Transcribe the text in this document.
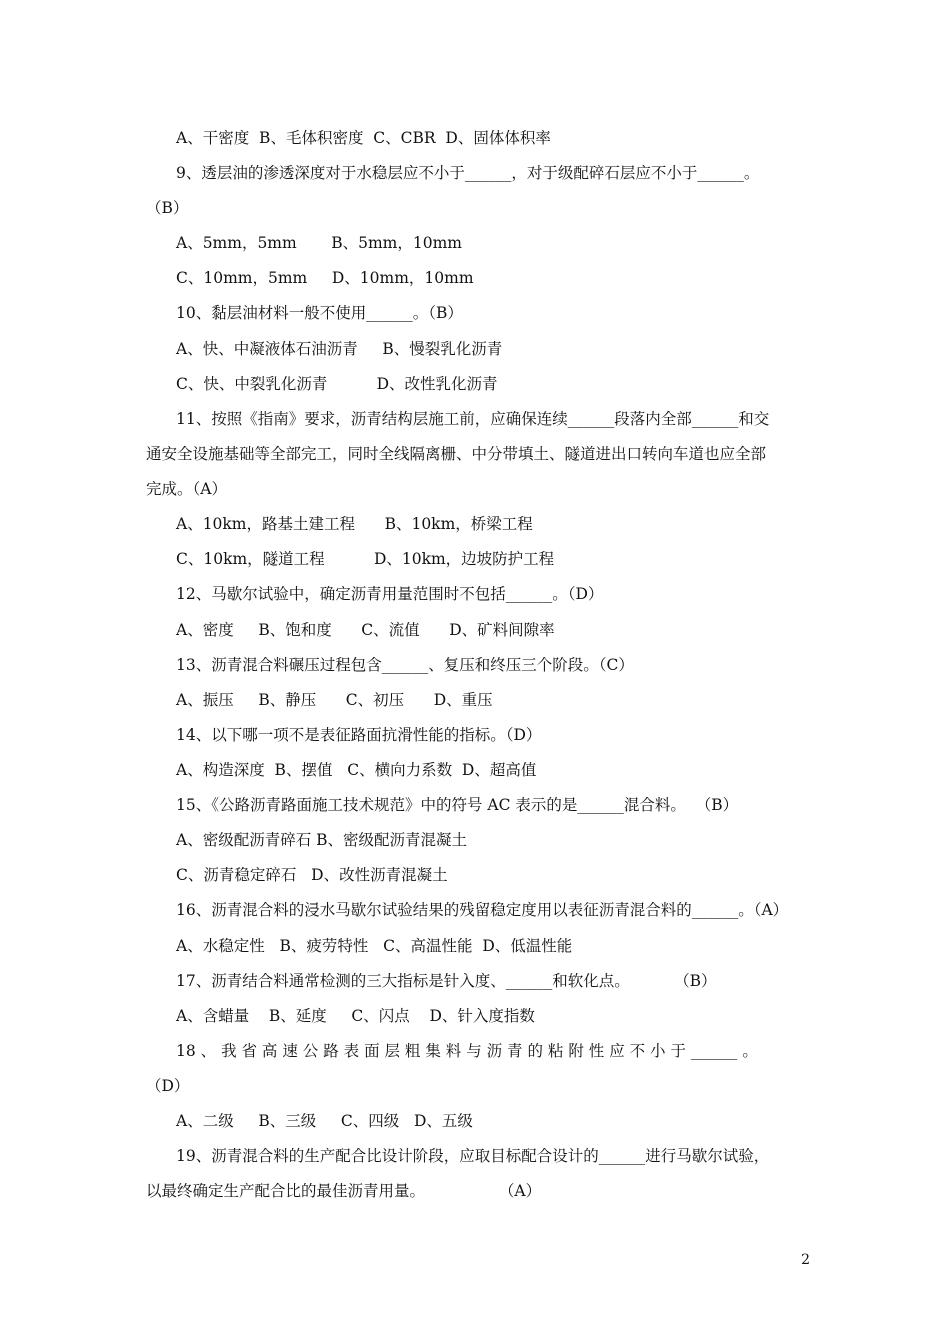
A、干密度  B、毛体积密度  C、CBR  D、固体体积率
9、透层油的渗透深度对于水稳层应不小于______，对于级配碎石层应不小于______。
（B）
A、5mm，5mm       B、5mm，10mm
C、10mm，5mm     D、10mm，10mm
10、黏层油材料一般不使用______。（B）
A、快、中凝液体石油沥青     B、慢裂乳化沥青
C、快、中裂乳化沥青          D、改性乳化沥青
11、按照《指南》要求，沥青结构层施工前，应确保连续______段落内全部______和交
通安全设施基础等全部完工，同时全线隔离栅、中分带填土、隧道进出口转向车道也应全部
完成。（A）
A、10km，路基土建工程      B、10km，桥梁工程
C、10km，隧道工程          D、10km，边坡防护工程
12、马歇尔试验中，确定沥青用量范围时不包括______。（D）
A、密度     B、饱和度      C、流值      D、矿料间隙率
13、沥青混合料碾压过程包含______、复压和终压三个阶段。（C）
A、振压     B、静压      C、初压      D、重压
14、以下哪一项不是表征路面抗滑性能的指标。（D）
A、构造深度  B、摆值   C、横向力系数  D、超高值
15、《公路沥青路面施工技术规范》中的符号 AC 表示的是______混合料。  （B）
A、密级配沥青碎石 B、密级配沥青混凝土
C、沥青稳定碎石   D、改性沥青混凝土
16、沥青混合料的浸水马歇尔试验结果的残留稳定度用以表征沥青混合料的______。（A）
A、水稳定性   B、疲劳特性   C、高温性能  D、低温性能
17、沥青结合料通常检测的三大指标是针入度、______和软化点。         （B）
A、含蜡量    B、延度     C、闪点    D、针入度指数
18 、 我 省 高 速 公 路 表 面 层 粗 集 料 与 沥 青 的 粘 附 性 应 不 小 于 ______ 。
（D）
A、二级     B、三级     C、四级   D、五级
19、沥青混合料的生产配合比设计阶段，应取目标配合设计的______进行马歇尔试验，
以最终确定生产配合比的最佳沥青用量。               （A）
2
